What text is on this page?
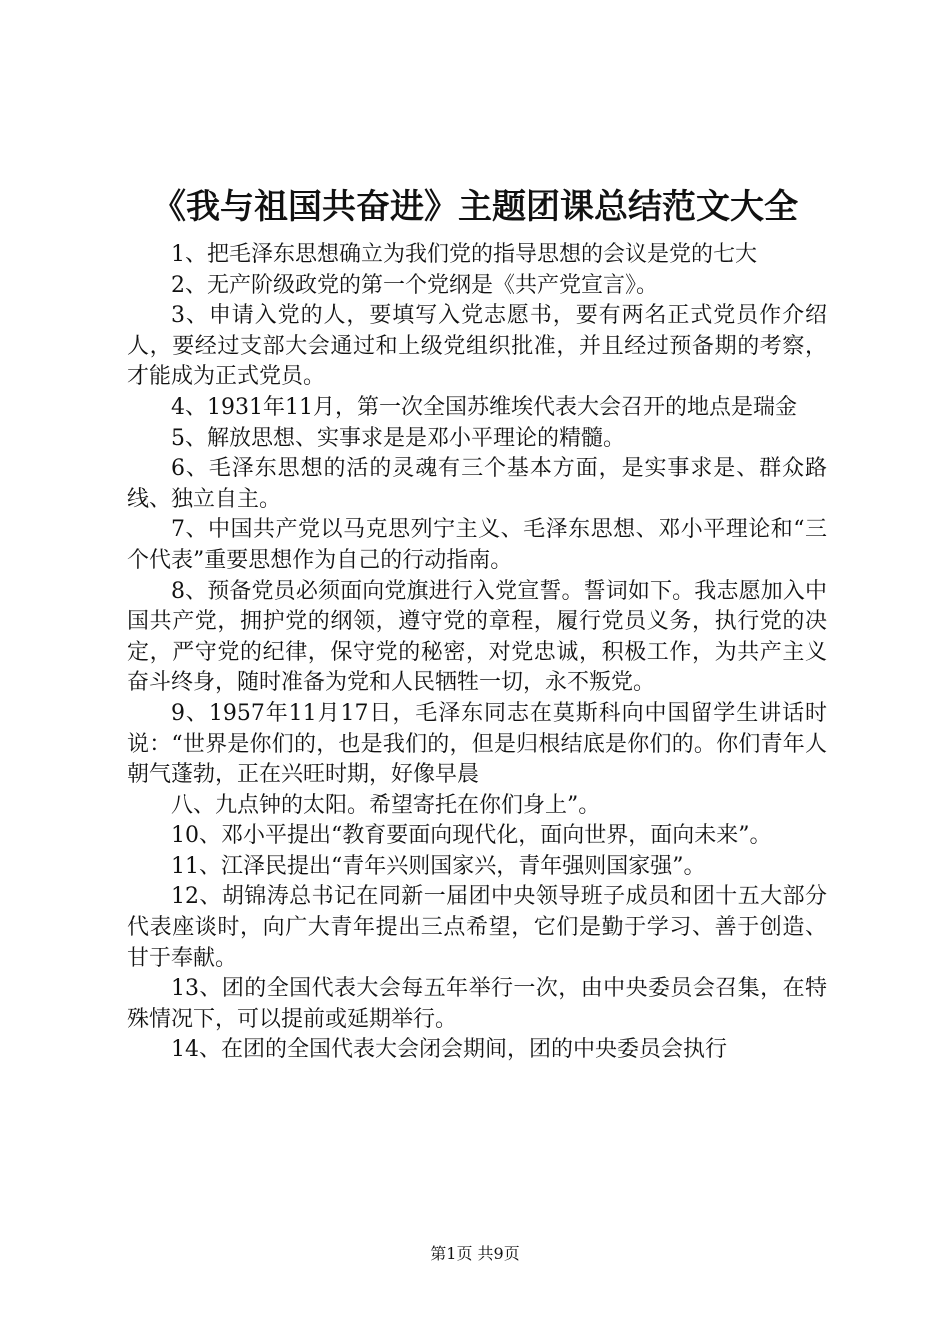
《我与祖国共奋进》主题团课总结范文大全

1、把毛泽东思想确立为我们党的指导思想的会议是党的七大

2、无产阶级政党的第一个党纲是《共产党宣言》。

3、申请入党的人，要填写入党志愿书，要有两名正式党员作介绍人，要经过支部大会通过和上级党组织批准，并且经过预备期的考察，才能成为正式党员。

4、1931年11月，第一次全国苏维埃代表大会召开的地点是瑞金

5、解放思想、实事求是是邓小平理论的精髓。

6、毛泽东思想的活的灵魂有三个基本方面，是实事求是、群众路线、独立自主。

7、中国共产党以马克思列宁主义、毛泽东思想、邓小平理论和“三个代表”重要思想作为自己的行动指南。

8、预备党员必须面向党旗进行入党宣誓。誓词如下。我志愿加入中国共产党，拥护党的纲领，遵守党的章程，履行党员义务，执行党的决定，严守党的纪律，保守党的秘密，对党忠诚，积极工作，为共产主义奋斗终身，随时准备为党和人民牺牲一切，永不叛党。

9、1957年11月17日，毛泽东同志在莫斯科向中国留学生讲话时说：“世界是你们的，也是我们的，但是归根结底是你们的。你们青年人朝气蓬勃，正在兴旺时期，好像早晨

八、九点钟的太阳。希望寄托在你们身上”。

10、邓小平提出“教育要面向现代化，面向世界，面向未来”。

11、江泽民提出“青年兴则国家兴，青年强则国家强”。

12、胡锦涛总书记在同新一届团中央领导班子成员和团十五大部分代表座谈时，向广大青年提出三点希望，它们是勤于学习、善于创造、甘于奉献。

13、团的全国代表大会每五年举行一次，由中央委员会召集，在特殊情况下，可以提前或延期举行。

14、在团的全国代表大会闭会期间，团的中央委员会执行

第1页 共9页
